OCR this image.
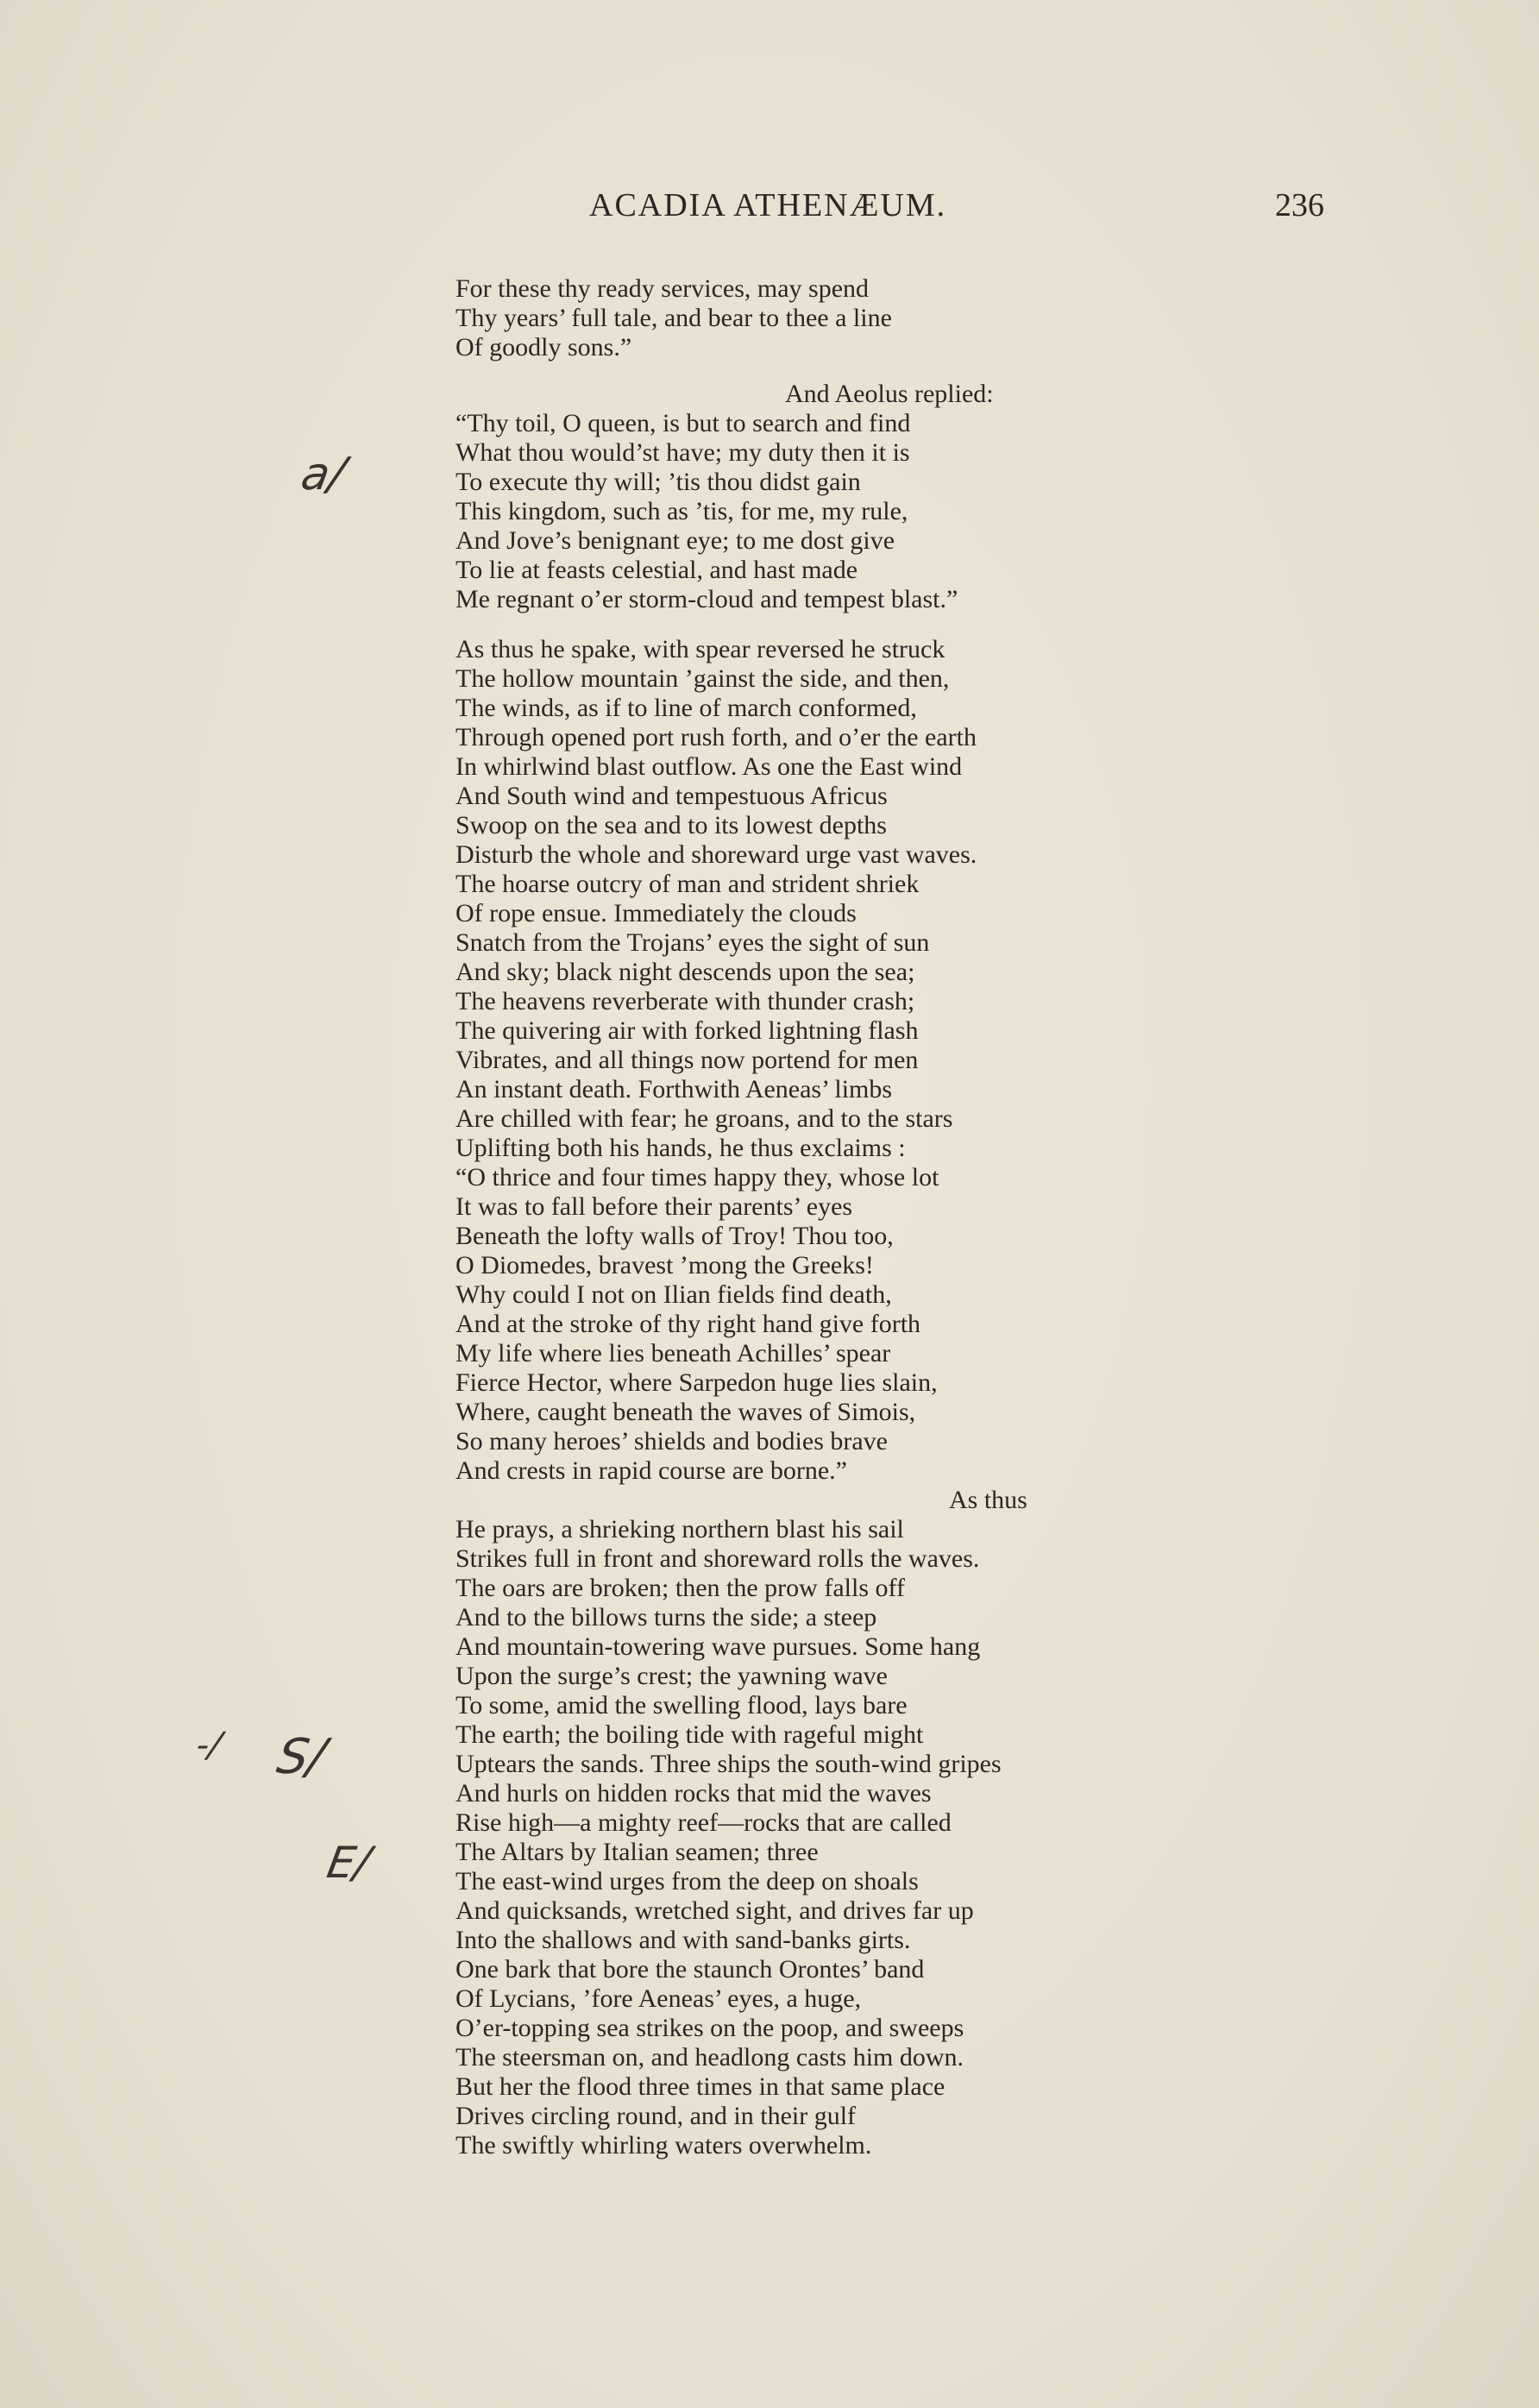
ACADIA ATHENÆUM.	236
For these thy ready services, may spend
Thy years’ full tale, and bear to thee a line
Of goodly sons.”
And Aeolus replied:
“Thy toil, O queen, is but to search and find
What thou would’st have; my duty then it is
To execute thy will; ’tis thou didst gain
This kingdom, such as ’tis, for me, my rule,
And Jove’s benignant eye; to me dost give
To lie at feasts celestial, and hast made
Me regnant o’er storm-cloud and tempest blast.”
As thus he spake, with spear reversed he struck
The hollow mountain ’gainst the side, and then,
The winds, as if to line of march conformed,
Through opened port rush forth, and o’er the earth
In whirlwind blast outflow. As one the East wind
And South wind and tempestuous Africus
Swoop on the sea and to its lowest depths
Disturb the whole and shoreward urge vast waves.
The hoarse outcry of man and strident shriek
Of rope ensue. Immediately the clouds
Snatch from the Trojans’ eyes the sight of sun
And sky; black night descends upon the sea;
The heavens reverberate with thunder crash;
The quivering air with forked lightning flash
Vibrates, and all things now portend for men
An instant death. Forthwith Aeneas’ limbs
Are chilled with fear; he groans, and to the stars
Uplifting both his hands, he thus exclaims :
“O thrice and four times happy they, whose lot
It was to fall before their parents’ eyes
Beneath the lofty walls of Troy! Thou too,
O Diomedes, bravest ’mong the Greeks!
Why could I not on Ilian fields find death,
And at the stroke of thy right hand give forth
My life where lies beneath Achilles’ spear
Fierce Hector, where Sarpedon huge lies slain,
Where, caught beneath the waves of Simois,
So many heroes’ shields and bodies brave
And crests in rapid course are borne.”
As thus
He prays, a shrieking northern blast his sail
Strikes full in front and shoreward rolls the waves.
The oars are broken; then the prow falls off
And to the billows turns the side; a steep
And mountain-towering wave pursues. Some hang
Upon the surge’s crest; the yawning wave
To some, amid the swelling flood, lays bare
The earth; the boiling tide with rageful might
Uptears the sands. Three ships the south-wind gripes
And hurls on hidden rocks that mid the waves
Rise high—a mighty reef—rocks that are called
The Altars by Italian seamen; three
The east-wind urges from the deep on shoals
And quicksands, wretched sight, and drives far up
Into the shallows and with sand-banks girts.
One bark that bore the staunch Orontes’ band
Of Lycians, ’fore Aeneas’ eyes, a huge,
O’er-topping sea strikes on the poop, and sweeps
The steersman on, and headlong casts him down.
But her the flood three times in that same place
Drives circling round, and in their gulf
The swiftly whirling waters overwhelm.
a/
-/ S/
E/
